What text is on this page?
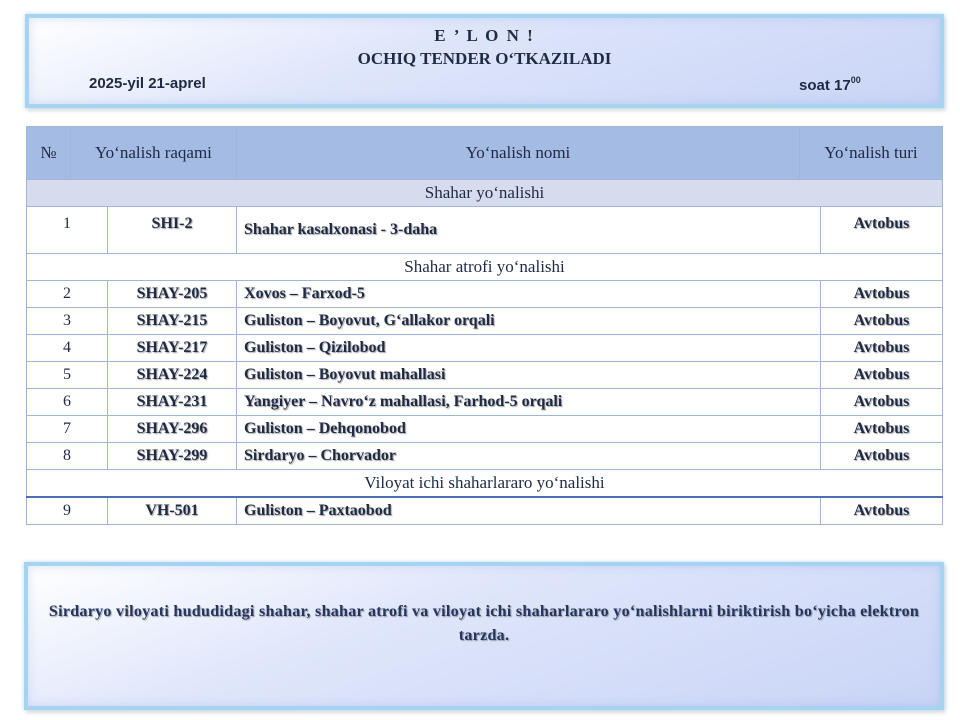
E ’ L O N !
OCHIQ TENDER O‘TKAZILADI
2025-yil 21-aprel	soat $17^{00}$
№	Yo‘nalish raqami		Yo‘nalish nomi	Yo‘nalish turi	
Shahar yo‘nalishi					
1		SHI-2	Shahar kasalxonasi - 3-daha		Avtobus
Shahar atrofi yo‘nalishi					
2		SHAY-205	Xovos – Farxod-5		Avtobus
3		SHAY-215	Guliston – Boyovut, G‘allakor orqali		Avtobus
4		SHAY-217	Guliston – Qizilobod		Avtobus
5		SHAY-224	Guliston – Boyovut mahallasi		Avtobus
6		SHAY-231	Yangiyer – Navro‘z mahallasi, Farhod-5 orqali		Avtobus
7		SHAY-296	Guliston – Dehqonobod		Avtobus
8		SHAY-299	Sirdaryo – Chorvador		Avtobus
Viloyat ichi shaharlararo yo‘nalishi					
9		VH-501	Guliston – Paxtaobod		Avtobus
Sirdaryo viloyati hududidagi shahar, shahar atrofi va viloyat ichi shaharlararo yo‘nalishlarni biriktirish bo‘yicha elektron tarzda.
